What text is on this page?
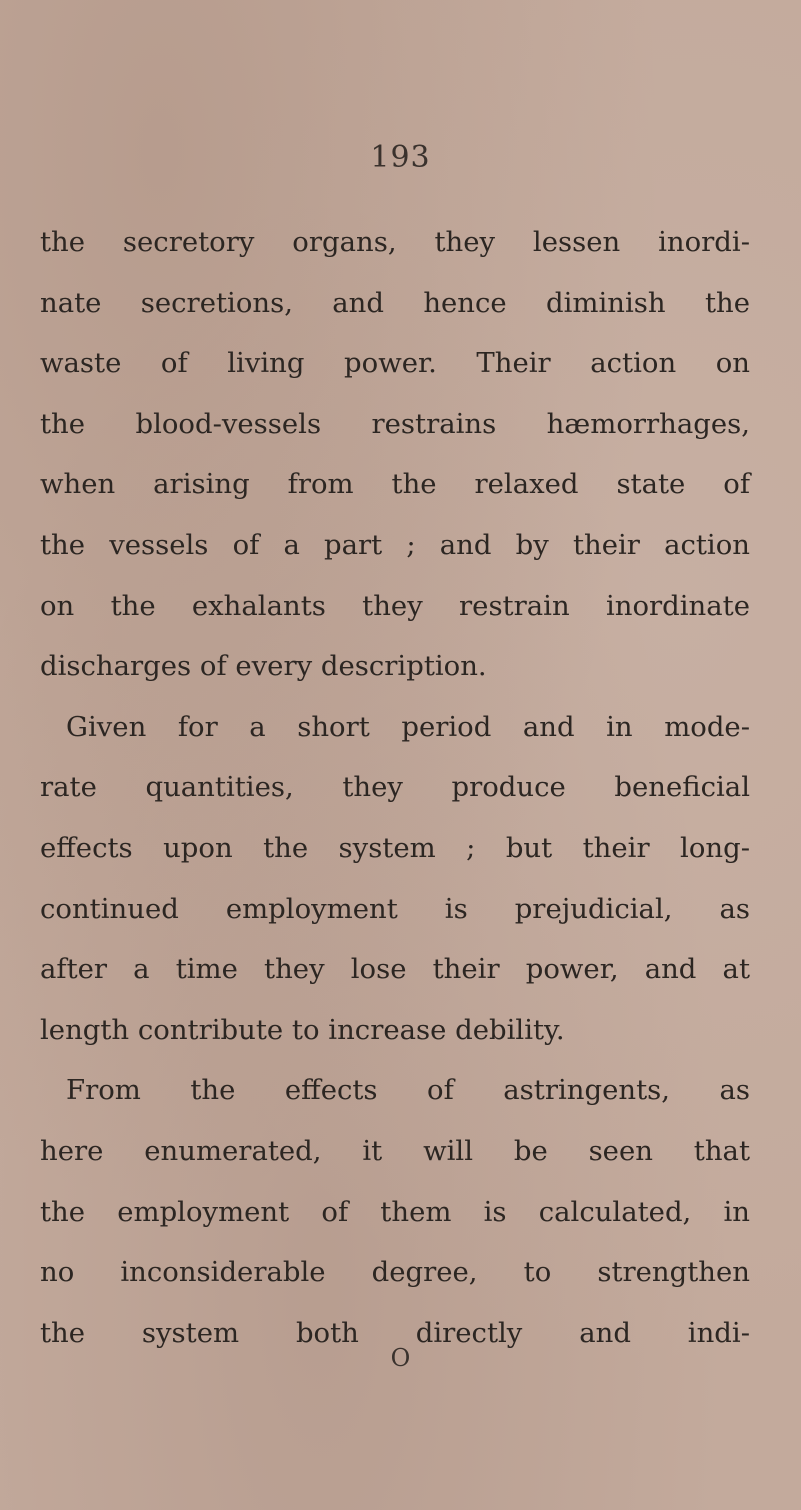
193
the secretory organs, they lessen inordi-
nate secretions, and hence diminish the
waste of living power. Their action on
the blood-vessels restrains hæmorrhages,
when arising from the relaxed state of
the vessels of a part ; and by their action
on the exhalants they restrain inordinate
discharges of every description.
Given for a short period and in mode-
rate quantities, they produce beneficial
effects upon the system ; but their long-
continued employment is prejudicial, as
after a time they lose their power, and at
length contribute to increase debility.
From the effects of astringents, as
here enumerated, it will be seen that
the employment of them is calculated, in
no inconsiderable degree, to strengthen
the system both directly and indi-
O
